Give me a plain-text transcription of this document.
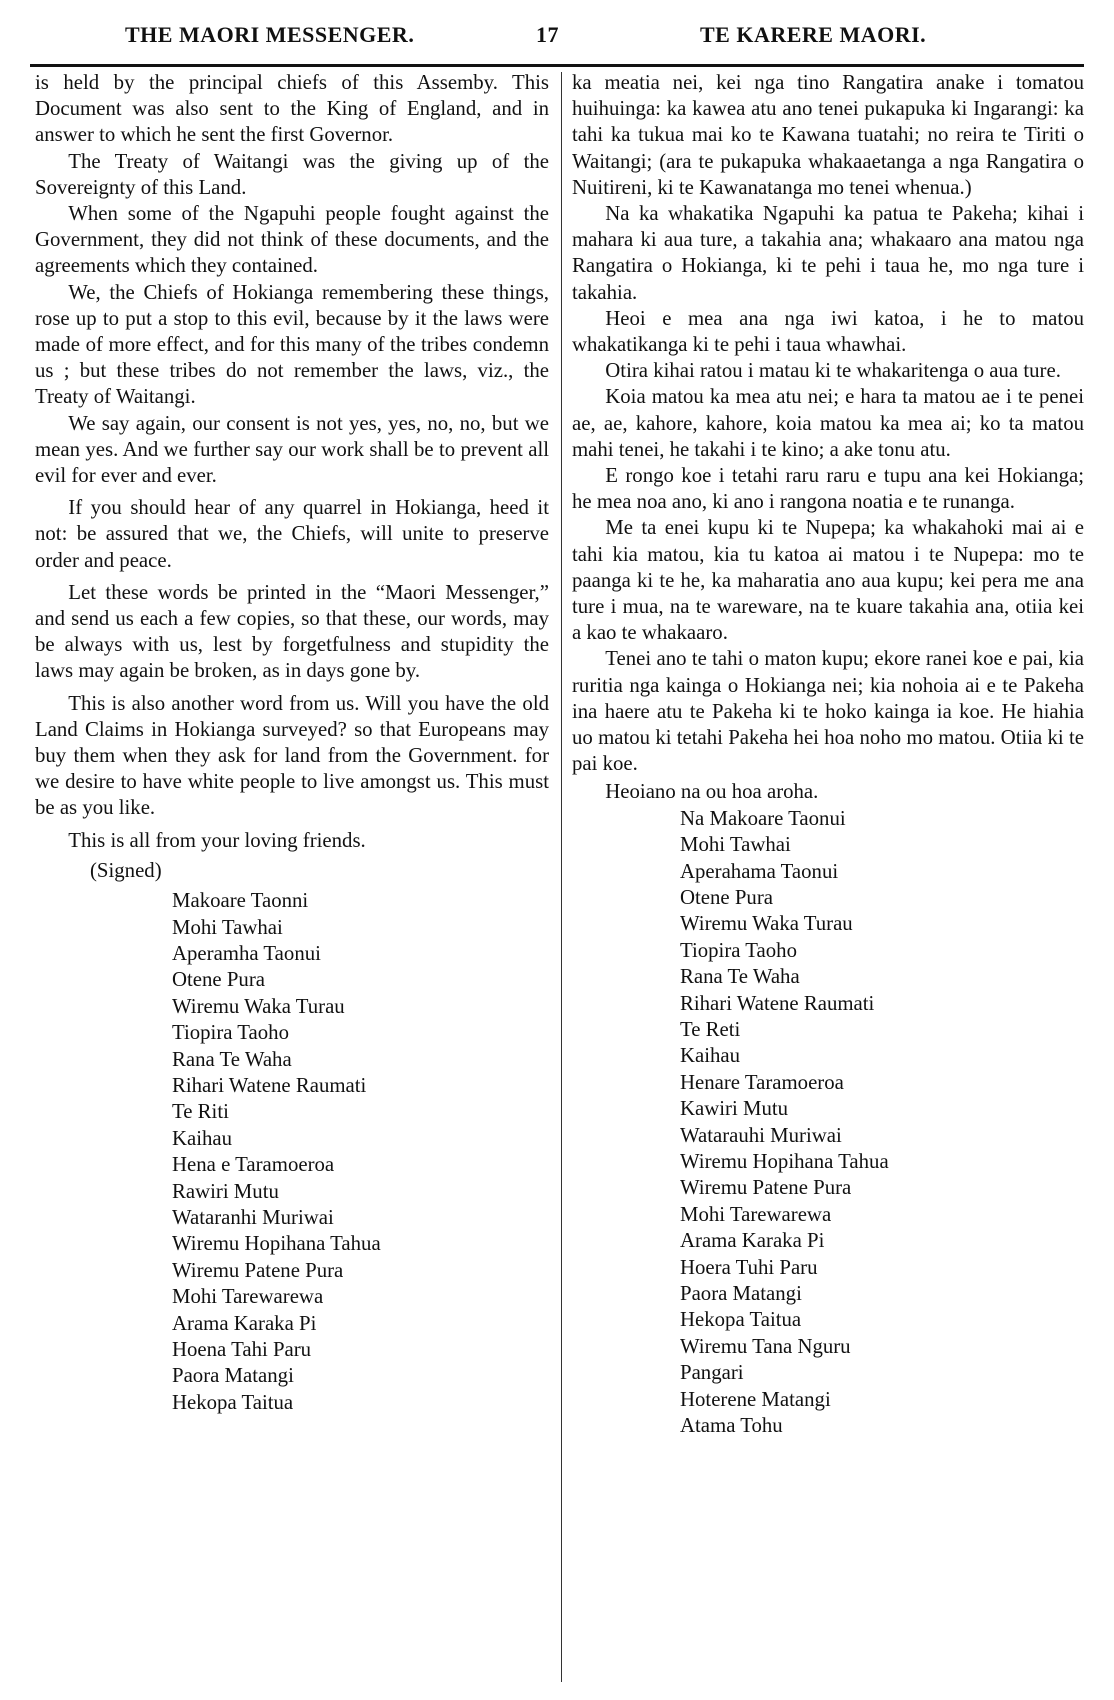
THE MAORI MESSENGER.	17	TE KARERE MAORI.

is held by the principal chiefs of this Assemby. This Document was also sent to the King of England, and in answer to which he sent the first Governor.

The Treaty of Waitangi was the giving up of the Sovereignty of this Land.

When some of the Ngapuhi people fought against the Government, they did not think of these documents, and the agreements which they contained.

We, the Chiefs of Hokianga remembering these things, rose up to put a stop to this evil, because by it the laws were made of more effect, and for this many of the tribes condemn us ; but these tribes do not remember the laws, viz., the Treaty of Waitangi.

We say again, our consent is not yes, yes, no, no, but we mean yes. And we further say our work shall be to prevent all evil for ever and ever.

If you should hear of any quarrel in Hokianga, heed it not: be assured that we, the Chiefs, will unite to preserve order and peace.

Let these words be printed in the “Maori Messenger,” and send us each a few copies, so that these, our words, may be always with us, lest by forgetfulness and stupidity the laws may again be broken, as in days gone by.

This is also another word from us. Will you have the old Land Claims in Hokianga surveyed? so that Europeans may buy them when they ask for land from the Government. for we desire to have white people to live amongst us. This must be as you like.

This is all from your loving friends.

(Signed)

Makoare Taonni
Mohi Tawhai
Aperamha Taonui
Otene Pura
Wiremu Waka Turau
Tiopira Taoho
Rana Te Waha
Rihari Watene Raumati
Te Riti
Kaihau
Hena e Taramoeroa
Rawiri Mutu
Wataranhi Muriwai
Wiremu Hopihana Tahua
Wiremu Patene Pura
Mohi Tarewarewa
Arama Karaka Pi
Hoena Tahi Paru
Paora Matangi
Hekopa Taitua

ka meatia nei, kei nga tino Rangatira anake i tomatou huihuinga: ka kawea atu ano tenei pukapuka ki Ingarangi: ka tahi ka tukua mai ko te Kawana tuatahi; no reira te Tiriti o Waitangi; (ara te pukapuka whakaaetanga a nga Rangatira o Nuitireni, ki te Kawanatanga mo tenei whenua.)

Na ka whakatika Ngapuhi ka patua te Pakeha; kihai i mahara ki aua ture, a takahia ana; whakaaro ana matou nga Rangatira o Hokianga, ki te pehi i taua he, mo nga ture i takahia.

Heoi e mea ana nga iwi katoa, i he to matou whakatikanga ki te pehi i taua whawhai.

Otira kihai ratou i matau ki te whakaritenga o aua ture.

Koia matou ka mea atu nei; e hara ta matou ae i te penei ae, ae, kahore, kahore, koia matou ka mea ai; ko ta matou mahi tenei, he takahi i te kino; a ake tonu atu.

E rongo koe i tetahi raru raru e tupu ana kei Hokianga; he mea noa ano, ki ano i rangona noatia e te runanga.

Me ta enei kupu ki te Nupepa; ka whakahoki mai ai e tahi kia matou, kia tu katoa ai matou i te Nupepa: mo te paanga ki te he, ka maharatia ano aua kupu; kei pera me ana ture i mua, na te wareware, na te kuare takahia ana, otiia kei a kao te whakaaro.

Tenei ano te tahi o maton kupu; ekore ranei koe e pai, kia ruritia nga kainga o Hokianga nei; kia nohoia ai e te Pakeha ina haere atu te Pakeha ki te hoko kainga ia koe. He hiahia uo matou ki tetahi Pakeha hei hoa noho mo matou. Otiia ki te pai koe.

Heoiano na ou hoa aroha.

Na Makoare Taonui
Mohi Tawhai
Aperahama Taonui
Otene Pura
Wiremu Waka Turau
Tiopira Taoho
Rana Te Waha
Rihari Watene Raumati
Te Reti
Kaihau
Henare Taramoeroa
Kawiri Mutu
Watarauhi Muriwai
Wiremu Hopihana Tahua
Wiremu Patene Pura
Mohi Tarewarewa
Arama Karaka Pi
Hoera Tuhi Paru
Paora Matangi
Hekopa Taitua
Wiremu Tana Nguru
Pangari
Hoterene Matangi
Atama Tohu
